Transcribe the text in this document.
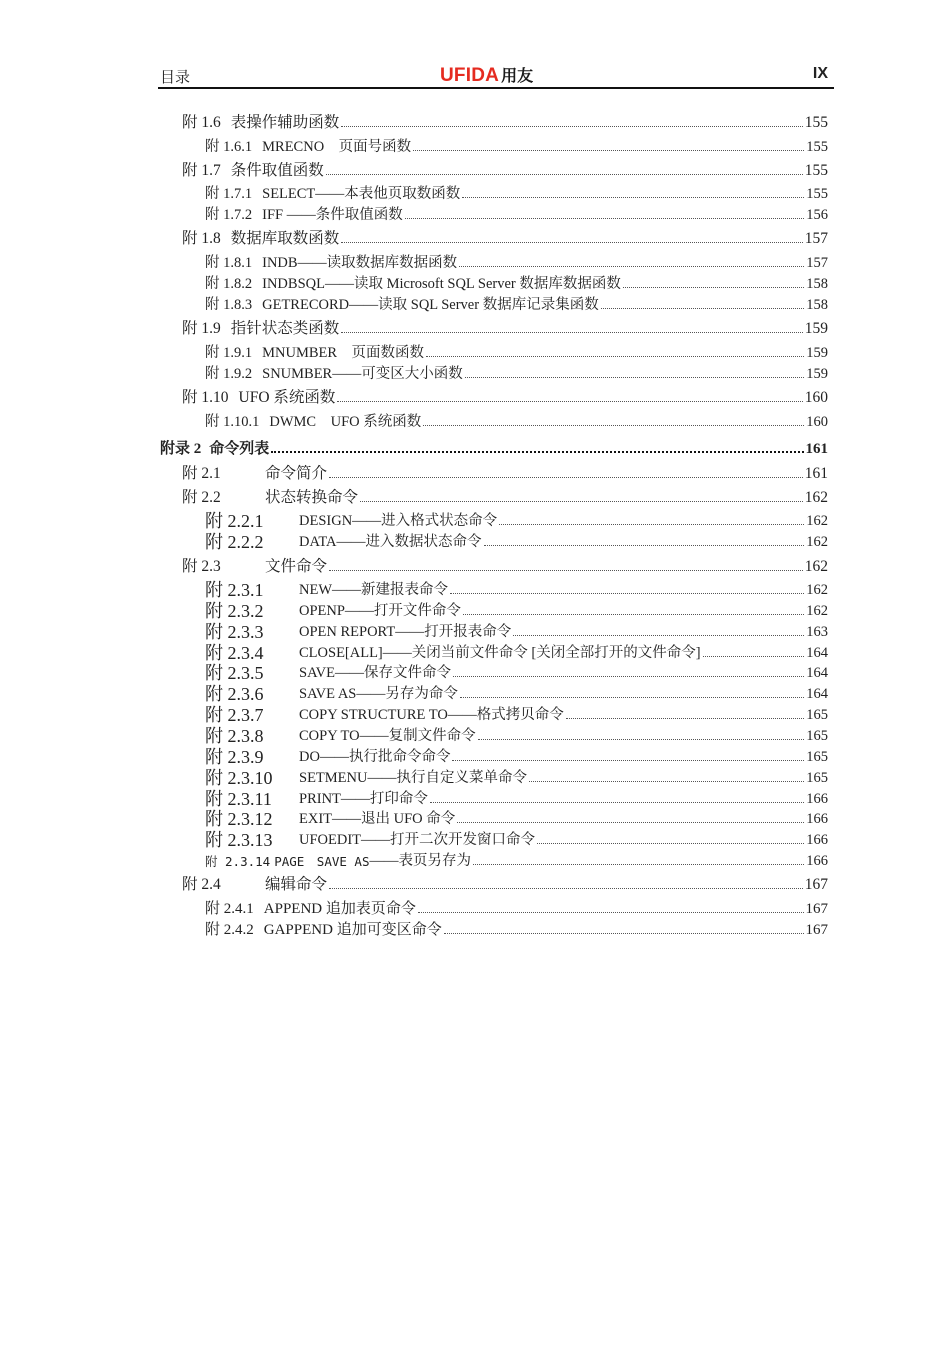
目录	UFIDA 用友	IX
附 1.6 表操作辅助函数	155
附 1.6.1 MRECNO　页面号函数	155
附 1.7 条件取值函数	155
附 1.7.1 SELECT——本表他页取数函数	155
附 1.7.2 IFF ——条件取值函数	156
附 1.8 数据库取数函数	157
附 1.8.1 INDB——读取数据库数据函数	157
附 1.8.2 INDBSQL——读取 Microsoft SQL Server 数据库数据函数	158
附 1.8.3 GETRECORD——读取 SQL Server 数据库记录集函数	158
附 1.9 指针状态类函数	159
附 1.9.1 MNUMBER　页面数函数	159
附 1.9.2 SNUMBER——可变区大小函数	159
附 1.10 UFO 系统函数	160
附 1.10.1 DWMC　UFO 系统函数	160
附录 2 命令列表	161
附 2.1	命令简介	161
附 2.2	状态转换命令	162
附 2.2.1	DESIGN——进入格式状态命令	162
附 2.2.2	DATA——进入数据状态命令	162
附 2.3	文件命令	162
附 2.3.1	NEW——新建报表命令	162
附 2.3.2	OPENP——打开文件命令	162
附 2.3.3	OPEN REPORT——打开报表命令	163
附 2.3.4	CLOSE[ALL]——关闭当前文件命令 [关闭全部打开的文件命令]	164
附 2.3.5	SAVE——保存文件命令	164
附 2.3.6	SAVE AS——另存为命令	164
附 2.3.7	COPY STRUCTURE TO——格式拷贝命令	165
附 2.3.8	COPY TO——复制文件命令	165
附 2.3.9	DO——执行批命令命令	165
附 2.3.10	SETMENU——执行自定义菜单命令	165
附 2.3.11	PRINT——打印命令	166
附 2.3.12	EXIT——退出 UFO 命令	166
附 2.3.13	UFOEDIT——打开二次开发窗口命令	166
附 2.3.14 PAGE　SAVE AS ——表页另存为	166
附 2.4	编辑命令	167
附 2.4.1 APPEND 追加表页命令	167
附 2.4.2 GAPPEND 追加可变区命令	167
